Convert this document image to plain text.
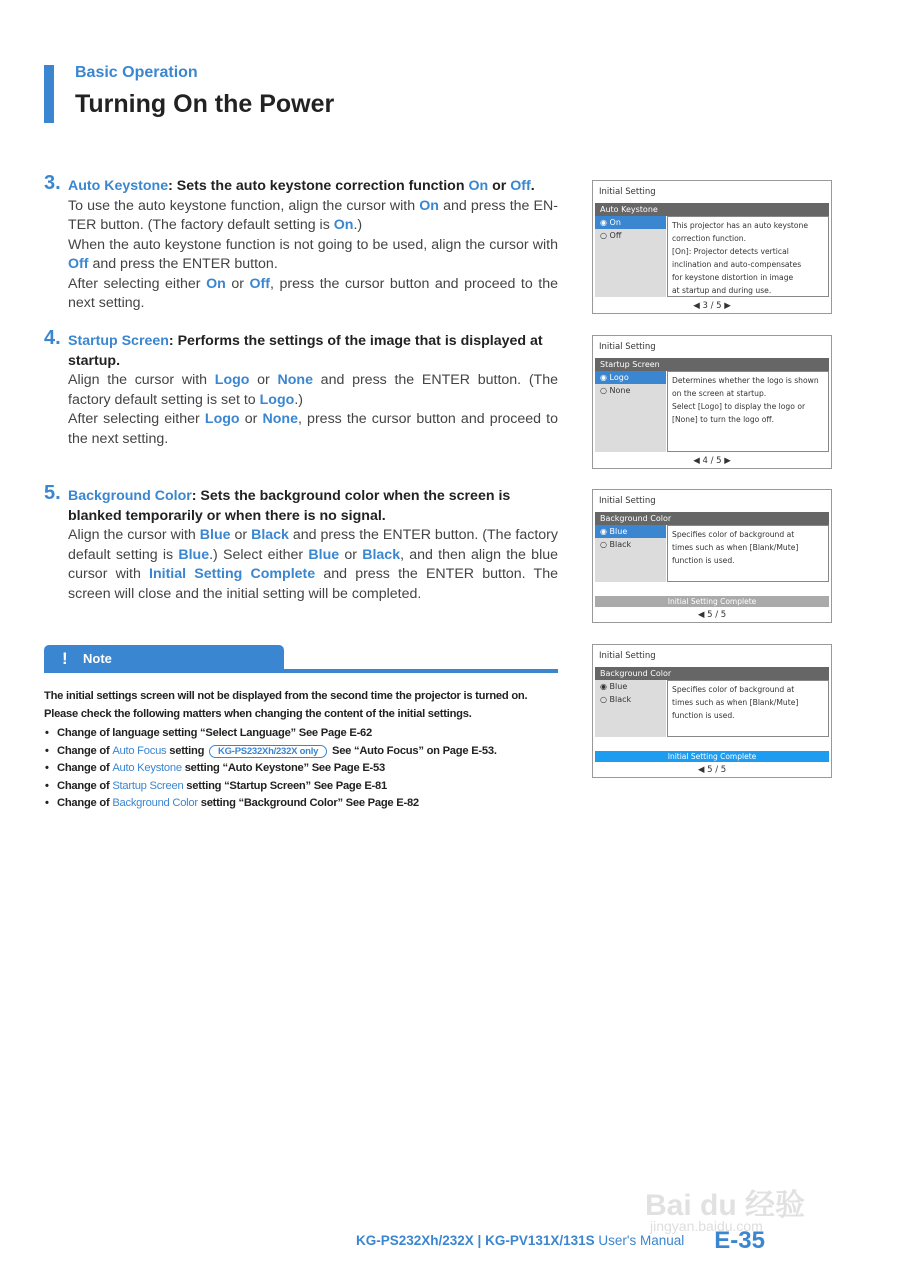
Basic Operation
Turning On the Power
3. Auto Keystone: Sets the auto keystone correction function On or Off.

To use the auto keystone function, align the cursor with On and press the EN-TER button. (The factory default setting is On.)

When the auto keystone function is not going to be used, align the cursor with Off and press the ENTER button.

After selecting either On or Off, press the cursor button and proceed to the next setting.

4. Startup Screen: Performs the settings of the image that is displayed at startup.

Align the cursor with Logo or None and press the ENTER button. (The factory default setting is set to Logo.)

After selecting either Logo or None, press the cursor button and proceed to the next setting.

5. Background Color: Sets the background color when the screen is blanked temporarily or when there is no signal.

Align the cursor with Blue or Black and press the ENTER button. (The factory default setting is Blue.) Select either Blue or Black, and then align the blue cursor with Initial Setting Complete and press the ENTER button. The screen will close and the initial setting will be completed.

Initial Setting
Auto Keystone
◉ On
○ Off
This projector has an auto keystone
correction function.
[On]: Projector detects vertical
inclination and auto-compensates
for keystone distortion in image
at startup and during use.
◀ 3 / 5 ▶
Initial Setting
Startup Screen
◉ Logo
○ None
Determines whether the logo is shown
on the screen at startup.
Select [Logo] to display the logo or
[None] to turn the logo off.
◀ 4 / 5 ▶
Initial Setting
Background Color
◉ Blue
○ Black
Specifies color of background at
times such as when [Blank/Mute]
function is used.
Initial Setting Complete
◀ 5 / 5
Initial Setting
Background Color
◉ Blue
○ Black
Specifies color of background at
times such as when [Blank/Mute]
function is used.
Initial Setting Complete
◀ 5 / 5
! Note

The initial settings screen will not be displayed from the second time the projector is turned on. Please check the following matters when changing the content of the initial settings.

• Change of language setting “Select Language” See Page E-62
• Change of Auto Focus setting KG-PS232Xh/232X only See “Auto Focus” on Page E-53.
• Change of Auto Keystone setting “Auto Keystone” See Page E-53
• Change of Startup Screen setting “Startup Screen” See Page E-81
• Change of Background Color setting “Background Color” See Page E-82
Bai du 经验
jingyan.baidu.com
KG-PS232Xh/232X | KG-PV131X/131S User's Manual E-35
